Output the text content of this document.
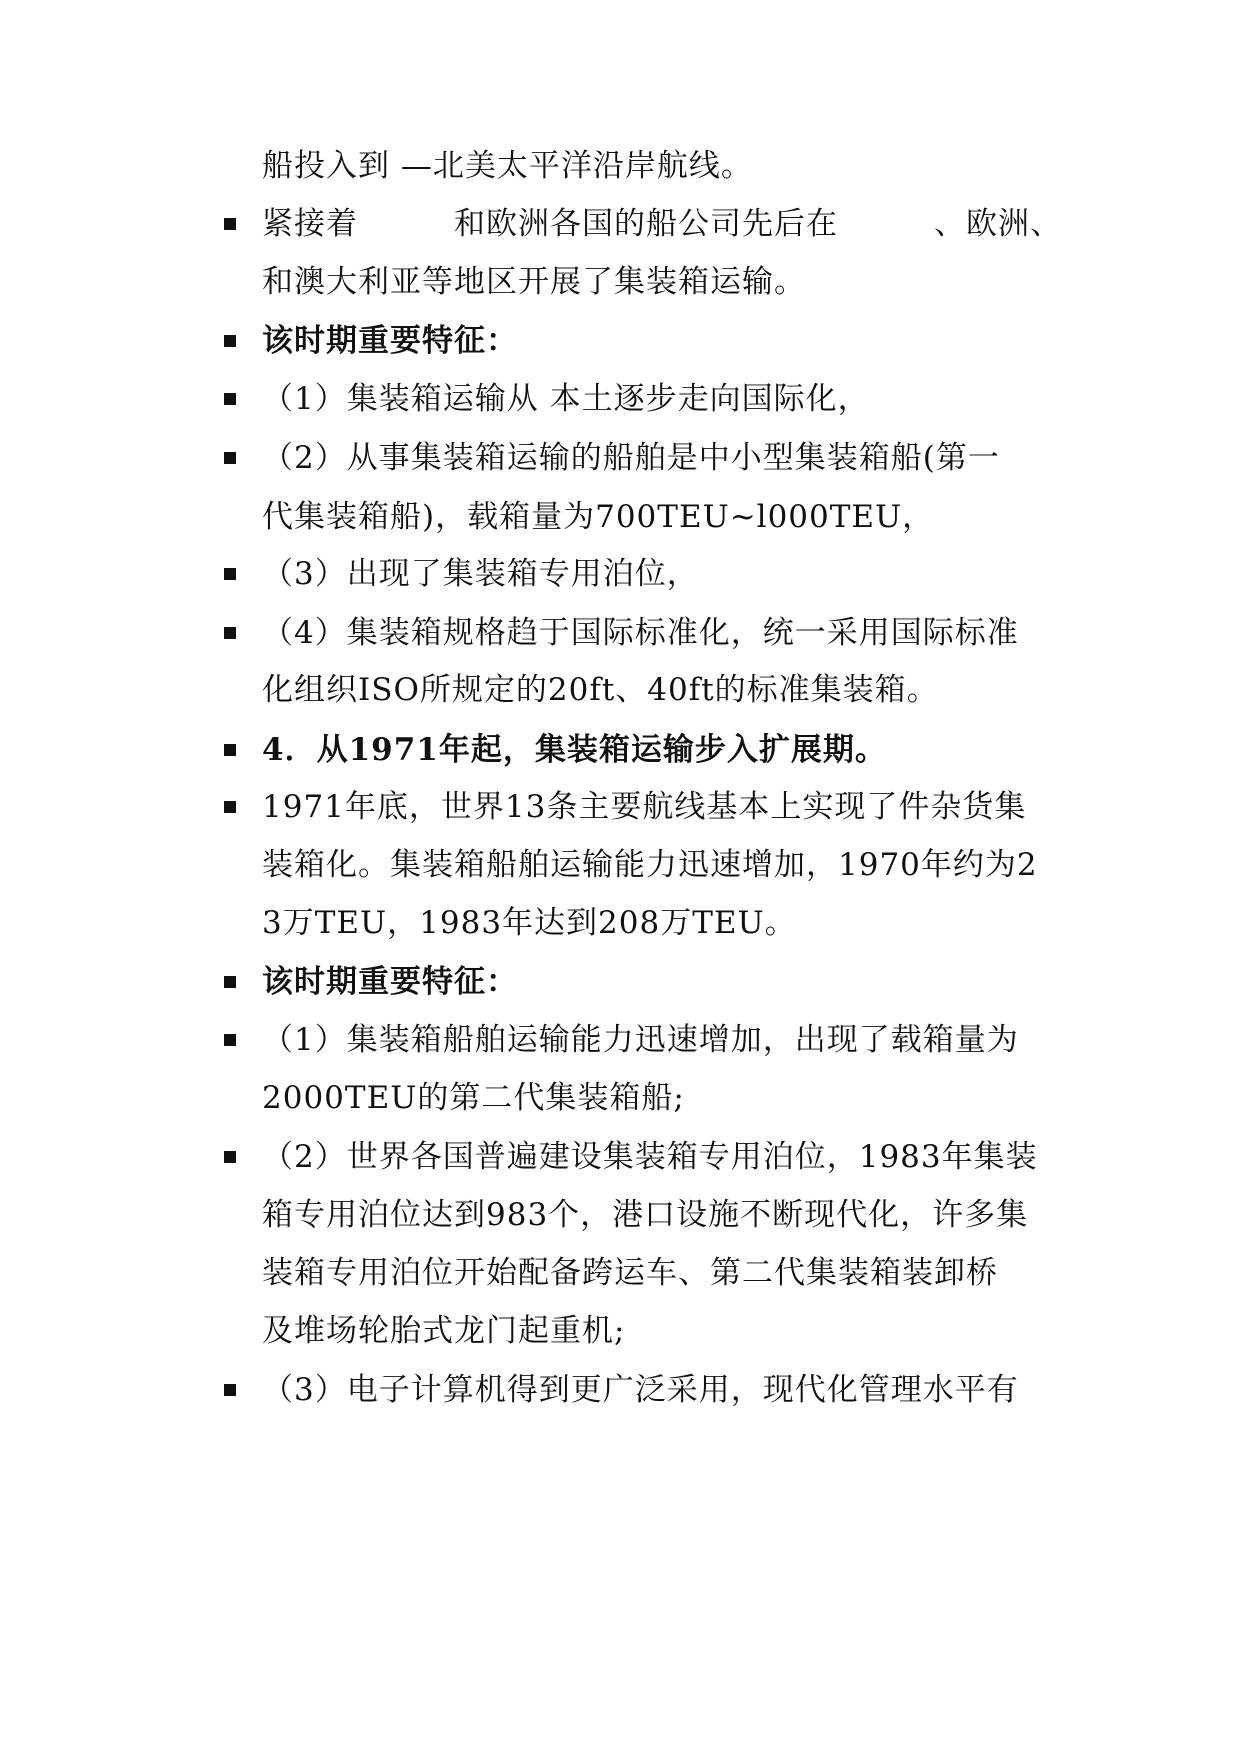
船投入到 —北美太平洋沿岸航线。
紧接着　　　和欧洲各国的船公司先后在　　　、欧洲、
和澳大利亚等地区开展了集装箱运输。
该时期重要特征：
（1）集装箱运输从 本土逐步走向国际化，
（2）从事集装箱运输的船舶是中小型集装箱船(第一
代集装箱船)，载箱量为700TEU~l000TEU，
（3）出现了集装箱专用泊位，
（4）集装箱规格趋于国际标准化，统一采用国际标准
化组织ISO所规定的20ft、40ft的标准集装箱。
4．从1971年起，集装箱运输步入扩展期。
1971年底，世界13条主要航线基本上实现了件杂货集
装箱化。集装箱船舶运输能力迅速增加，1970年约为2
3万TEU，1983年达到208万TEU。
该时期重要特征：
（1）集装箱船舶运输能力迅速增加，出现了载箱量为
2000TEU的第二代集装箱船;
（2）世界各国普遍建设集装箱专用泊位，1983年集装
箱专用泊位达到983个，港口设施不断现代化，许多集
装箱专用泊位开始配备跨运车、第二代集装箱装卸桥
及堆场轮胎式龙门起重机;
（3）电子计算机得到更广泛采用，现代化管理水平有
